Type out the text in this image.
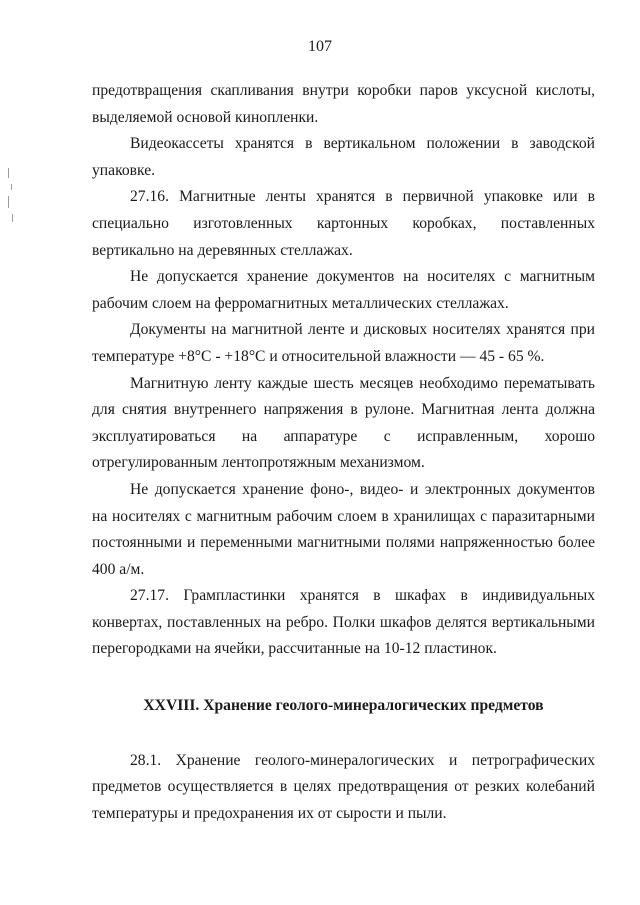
107

предотвращения скапливания внутри коробки паров уксусной кислоты, выделяемой основой кинопленки.

Видеокассеты хранятся в вертикальном положении в заводской упаковке.

27.16. Магнитные ленты хранятся в первичной упаковке или в специально изготовленных картонных коробках, поставленных вертикально на деревянных стеллажах.

Не допускается хранение документов на носителях с магнитным рабочим слоем на ферромагнитных металлических стеллажах.

Документы на магнитной ленте и дисковых носителях хранятся при температуре +8°С - +18°С и относительной влажности — 45 - 65 %.

Магнитную ленту каждые шесть месяцев необходимо перематывать для снятия внутреннего напряжения в рулоне. Магнитная лента должна эксплуатироваться на аппаратуре с исправленным, хорошо отрегулированным лентопротяжным механизмом.

Не допускается хранение фоно-, видео- и электронных документов на носителях с магнитным рабочим слоем в хранилищах с паразитарными постоянными и переменными магнитными полями напряженностью более 400 а/м.

27.17. Грампластинки хранятся в шкафах в индивидуальных конвертах, поставленных на ребро. Полки шкафов делятся вертикальными перегородками на ячейки, рассчитанные на 10-12 пластинок.

XXVIII. Хранение геолого-минералогических предметов

28.1. Хранение геолого-минералогических и петрографических предметов осуществляется в целях предотвращения от резких колебаний температуры и предохранения их от сырости и пыли.
